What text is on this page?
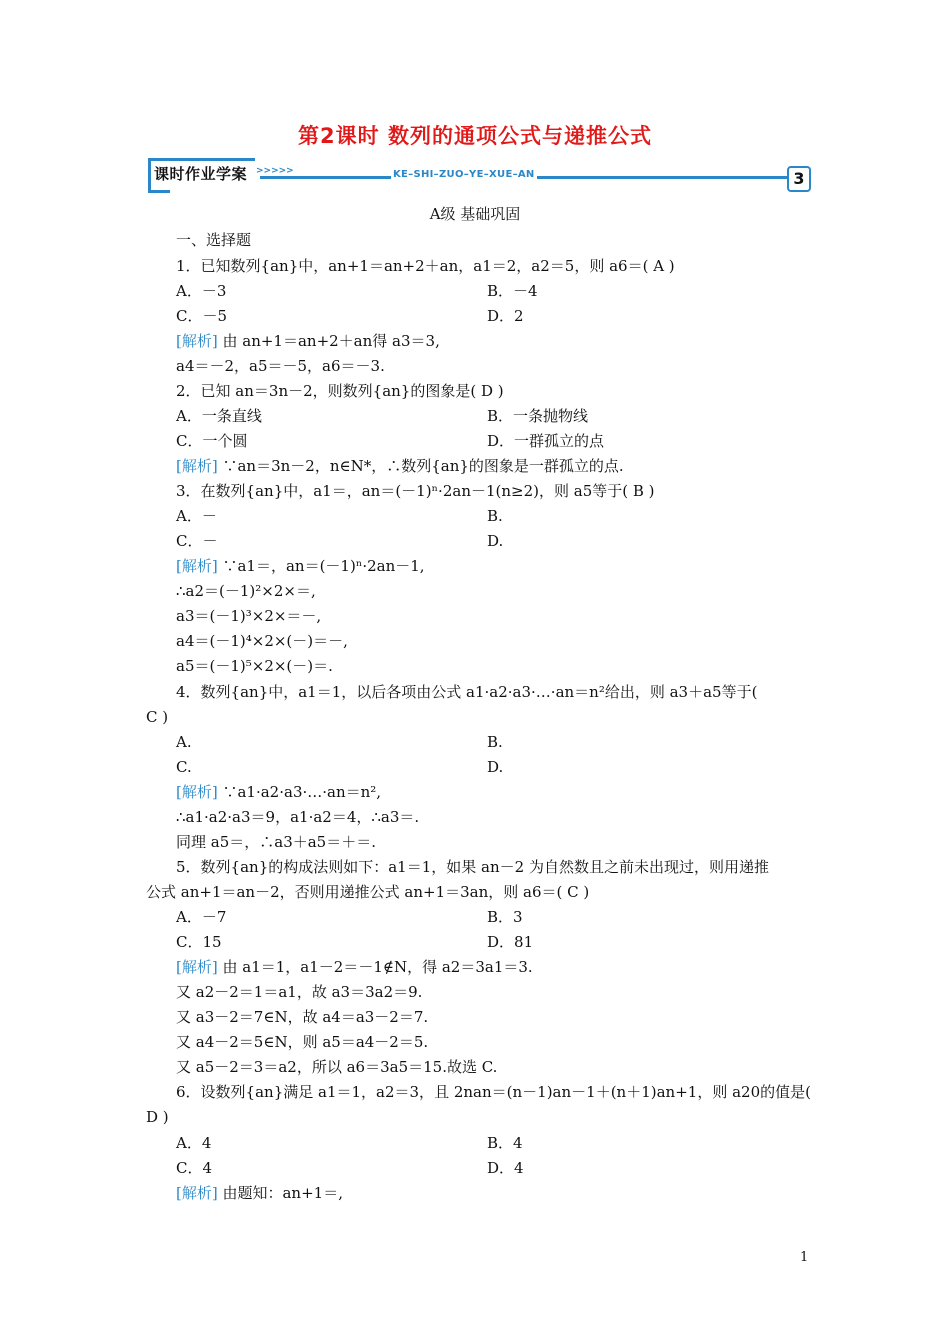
第2课时 数列的通项公式与递推公式
课时作业学案 >>>>>	KE–SHI–ZUO–YE–XUE–AN	3
A级 基础巩固
一、选择题
1．已知数列{an}中，an+1＝an+2＋an，a1＝2，a2＝5，则 a6＝( A )
A．－3	B．－4
C．－5	D．2
[解析] 由 an+1＝an+2＋an得 a3＝3,
a4＝－2，a5＝－5，a6＝－3.
2．已知 an＝3n－2，则数列{an}的图象是( D )
A．一条直线	B．一条抛物线
C．一个圆	D．一群孤立的点
[解析] ∵an＝3n－2，n∈N*，∴数列{an}的图象是一群孤立的点.
3．在数列{an}中，a1＝，an＝(－1)ⁿ·2an－1(n≥2)，则 a5等于( B )
A．－	B.
C．－	D.
[解析] ∵a1＝，an＝(－1)ⁿ·2an－1,
∴a2＝(－1)²×2×＝,
a3＝(－1)³×2×＝－,
a4＝(－1)⁴×2×(－)＝－,
a5＝(－1)⁵×2×(－)＝.
4．数列{an}中，a1＝1，以后各项由公式 a1·a2·a3·…·an＝n²给出，则 a3＋a5等于(
C )
A.	B.
C.	D.
[解析] ∵a1·a2·a3·…·an＝n²,
∴a1·a2·a3＝9，a1·a2＝4，∴a3＝.
同理 a5＝，∴a3＋a5＝＋＝.
5．数列{an}的构成法则如下：a1＝1，如果 an－2 为自然数且之前未出现过，则用递推
公式 an+1＝an－2，否则用递推公式 an+1＝3an，则 a6＝( C )
A．－7	B．3
C．15	D．81
[解析] 由 a1＝1，a1－2＝－1∉N，得 a2＝3a1＝3.
又 a2－2＝1＝a1，故 a3＝3a2＝9.
又 a3－2＝7∈N，故 a4＝a3－2＝7.
又 a4－2＝5∈N，则 a5＝a4－2＝5.
又 a5－2＝3＝a2，所以 a6＝3a5＝15.故选 C.
6．设数列{an}满足 a1＝1，a2＝3，且 2nan＝(n－1)an－1＋(n＋1)an+1，则 a20的值是(
D )
A．4	B．4
C．4	D．4
[解析] 由题知：an+1＝,
1
